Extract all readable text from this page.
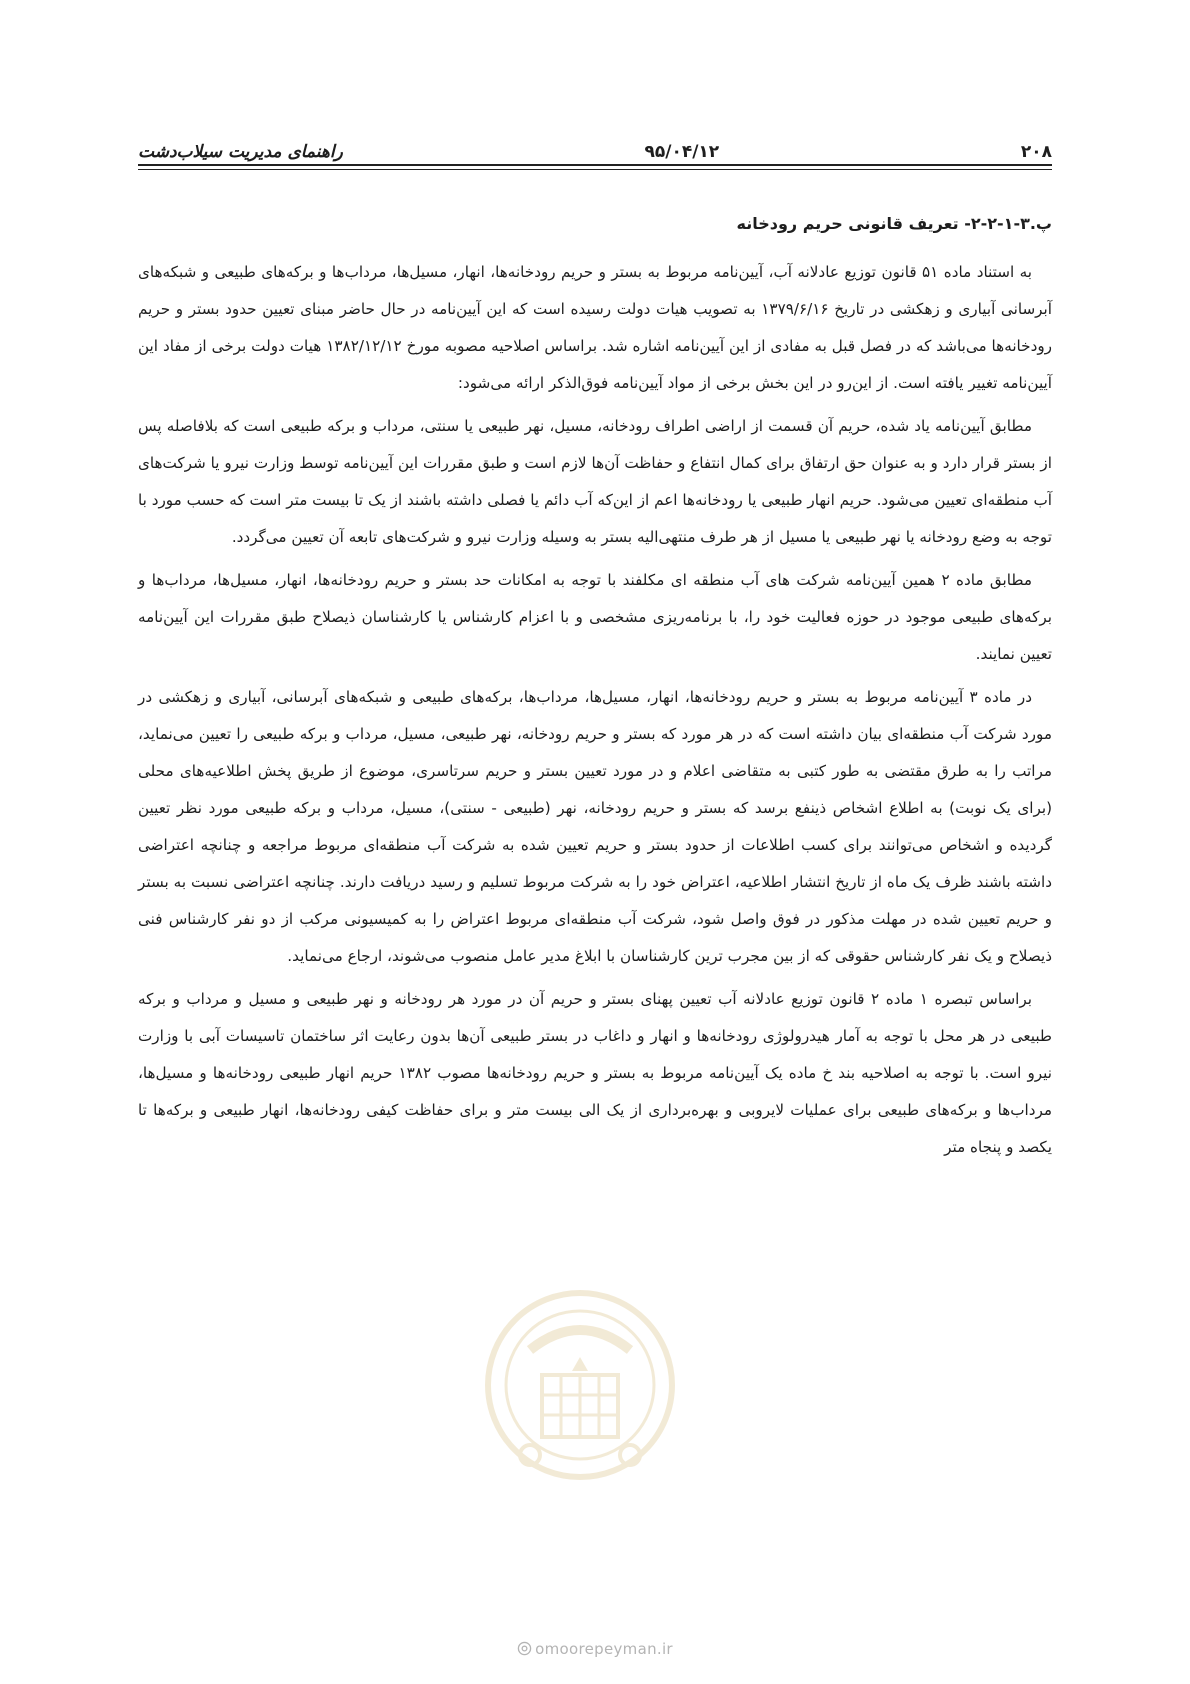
۲۰۸
۹۵/۰۴/۱۲
راهنمای مدیریت سیلاب‌دشت
پ.۳-۱-۲-۲- تعریف قانونی حریم رودخانه

به استناد ماده ۵۱ قانون توزیع عادلانه آب، آیین‌نامه مربوط به بستر و حریم رودخانه‌ها، انهار، مسیل‌ها، مرداب‌ها و برکه‌های طبیعی و شبکه‌های آبرسانی آبیاری و زهکشی در تاریخ ۱۳۷۹/۶/۱۶ به تصویب هیات دولت رسیده است که این آیین‌نامه در حال حاضر مبنای تعیین حدود بستر و حریم رودخانه‌ها می‌باشد که در فصل قبل به مفادی از این آیین‌نامه اشاره شد. براساس اصلاحیه مصوبه مورخ ۱۳۸۲/۱۲/۱۲ هیات دولت برخی از مفاد این آیین‌نامه تغییر یافته است. از این‌رو در این بخش برخی از مواد آیین‌نامه فوق‌الذکر ارائه می‌شود:

مطابق آیین‌نامه یاد شده، حریم آن قسمت از اراضی اطراف رودخانه، مسیل، نهر طبیعی یا سنتی، مرداب و برکه طبیعی است که بلافاصله پس از بستر قرار دارد و به عنوان حق ارتفاق برای کمال انتفاع و حفاظت آن‌ها لازم است و طبق مقررات این آیین‌نامه توسط وزارت نیرو یا شرکت‌های آب منطقه‌ای تعیین می‌شود. حریم انهار طبیعی یا رودخانه‌ها اعم از این‌که آب دائم یا فصلی داشته باشند از یک تا بیست متر است که حسب مورد با توجه به وضع رودخانه یا نهر طبیعی یا مسیل از هر طرف منتهی‌الیه بستر به وسیله وزارت نیرو و شرکت‌های تابعه آن تعیین می‌گردد.

مطابق ماده ۲ همین آیین‌نامه شرکت های آب منطقه ای مکلفند با توجه به امکانات حد بستر و حریم رودخانه‌ها، انهار، مسیل‌ها، مرداب‌ها و برکه‌های طبیعی موجود در حوزه فعالیت خود را، با برنامه‌ریزی مشخصی و با اعزام کارشناس یا کارشناسان ذیصلاح طبق مقررات این آیین‌نامه تعیین نمایند.

در ماده ۳ آیین‌نامه مربوط به بستر و حریم رودخانه‌ها، انهار، مسیل‌ها، مرداب‌ها، برکه‌های طبیعی و شبکه‌های آبرسانی، آبیاری و زهکشی در مورد شرکت آب منطقه‌ای بیان داشته است که در هر مورد که بستر و حریم رودخانه، نهر طبیعی، مسیل، مرداب و برکه طبیعی را تعیین می‌نماید، مراتب را به طرق مقتضی به طور کتبی به متقاضی اعلام و در مورد تعیین بستر و حریم سرتاسری، موضوع از طریق پخش اطلاعیه‌های محلی (برای یک نوبت) به اطلاع اشخاص ذینفع برسد که بستر و حریم رودخانه، نهر (طبیعی - سنتی)، مسیل، مرداب و برکه طبیعی مورد نظر تعیین گردیده و اشخاص می‌توانند برای کسب اطلاعات از حدود بستر و حریم تعیین شده به شرکت آب منطقه‌ای مربوط مراجعه و چنانچه اعتراضی داشته باشند ظرف یک ماه از تاریخ انتشار اطلاعیه، اعتراض خود را به شرکت مربوط تسلیم و رسید دریافت دارند. چنانچه اعتراضی نسبت به بستر و حریم تعیین شده در مهلت مذکور در فوق واصل شود، شرکت آب منطقه‌ای مربوط اعتراض را به کمیسیونی مرکب از دو نفر کارشناس فنی ذیصلاح و یک نفر کارشناس حقوقی که از بین مجرب ترین کارشناسان با ابلاغ مدیر عامل منصوب می‌شوند، ارجاع می‌نماید.

براساس تبصره ۱ ماده ۲ قانون توزیع عادلانه آب تعیین پهنای بستر و حریم آن در مورد هر رودخانه و نهر طبیعی و مسیل و مرداب و برکه طبیعی در هر محل با توجه به آمار هیدرولوژی رودخانه‌ها و انهار و داغاب در بستر طبیعی آن‌ها بدون رعایت اثر ساختمان تاسیسات آبی با وزارت نیرو است. با توجه به اصلاحیه بند خ ماده یک آیین‌نامه مربوط به بستر و حریم رودخانه‌ها مصوب ۱۳۸۲ حریم انهار طبیعی رودخانه‌ها و مسیل‌ها، مرداب‌ها و برکه‌های طبیعی برای عملیات لایروبی و بهره‌برداری از یک الی بیست متر و برای حفاظت کیفی رودخانه‌ها، انهار طبیعی و برکه‌ها تا یکصد و پنجاه متر

omoorepeyman.ir
